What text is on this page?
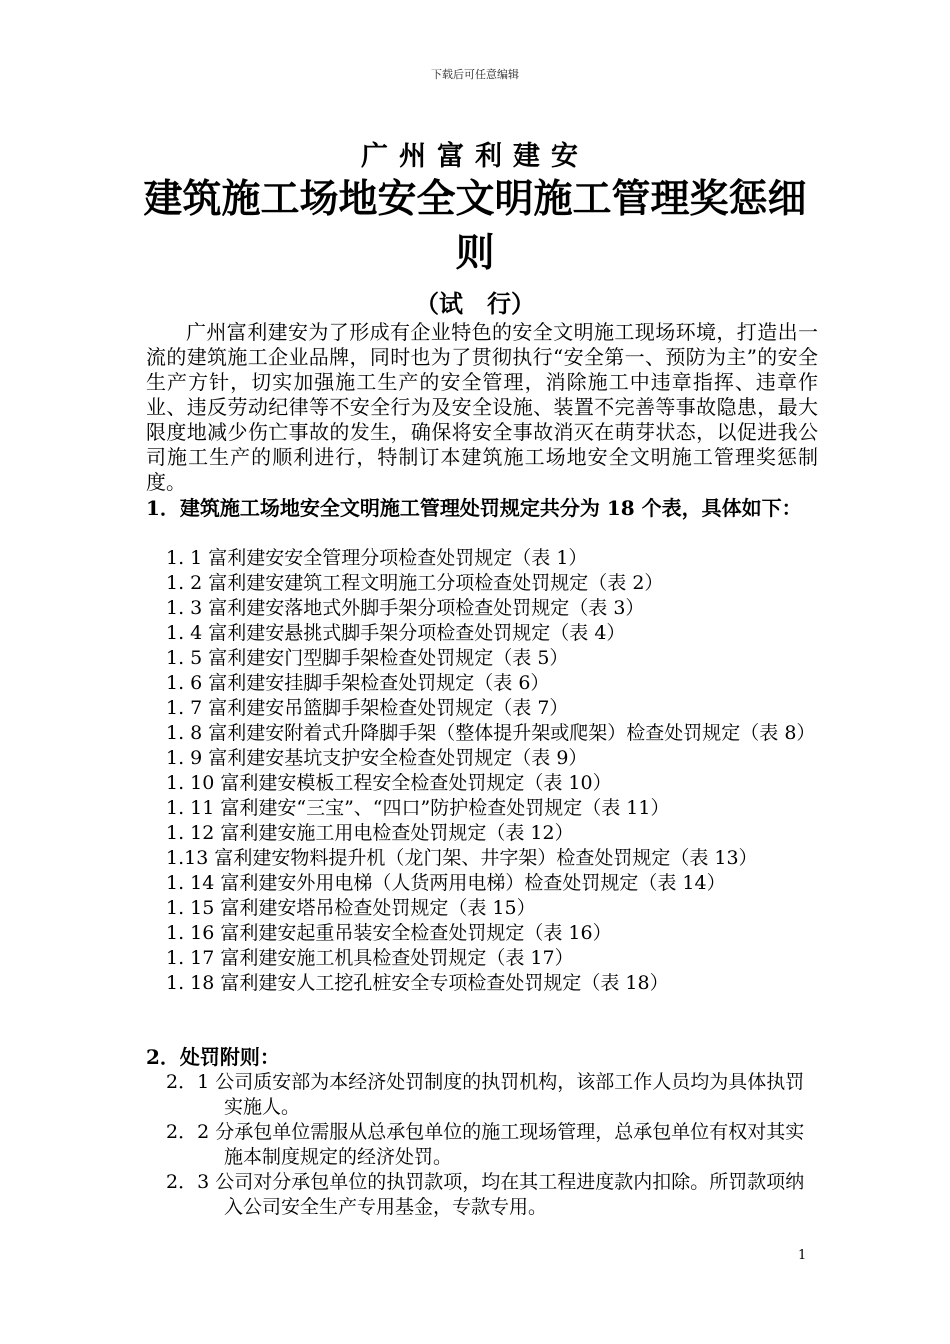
下载后可任意编辑
广州富利建安
建筑施工场地安全文明施工管理奖惩细则
（试　行）

广州富利建安为了形成有企业特色的安全文明施工现场环境，打造出一流的建筑施工企业品牌，同时也为了贯彻执行“安全第一、预防为主”的安全生产方针，切实加强施工生产的安全管理，消除施工中违章指挥、违章作业、违反劳动纪律等不安全行为及安全设施、装置不完善等事故隐患，最大限度地减少伤亡事故的发生，确保将安全事故消灭在萌芽状态，以促进我公司施工生产的顺利进行，特制订本建筑施工场地安全文明施工管理奖惩制度。

1．建筑施工场地安全文明施工管理处罚规定共分为 18 个表，具体如下：

1. 1 富利建安安全管理分项检查处罚规定（表 1）
1. 2 富利建安建筑工程文明施工分项检查处罚规定（表 2）
1. 3 富利建安落地式外脚手架分项检查处罚规定（表 3）
1. 4 富利建安悬挑式脚手架分项检查处罚规定（表 4）
1. 5 富利建安门型脚手架检查处罚规定（表 5）
1. 6 富利建安挂脚手架检查处罚规定（表 6）
1. 7 富利建安吊篮脚手架检查处罚规定（表 7）
1. 8 富利建安附着式升降脚手架（整体提升架或爬架）检查处罚规定（表 8）
1. 9 富利建安基坑支护安全检查处罚规定（表 9）
1. 10 富利建安模板工程安全检查处罚规定（表 10）
1. 11 富利建安“三宝”、“四口”防护检查处罚规定（表 11）
1. 12 富利建安施工用电检查处罚规定（表 12）
1.13 富利建安物料提升机（龙门架、井字架）检查处罚规定（表 13）
1. 14 富利建安外用电梯（人货两用电梯）检查处罚规定（表 14）
1. 15 富利建安塔吊检查处罚规定（表 15）
1. 16 富利建安起重吊装安全检查处罚规定（表 16）
1. 17 富利建安施工机具检查处罚规定（表 17）
1. 18 富利建安人工挖孔桩安全专项检查处罚规定（表 18）

2．处罚附则：

2．1 公司质安部为本经济处罚制度的执罚机构，该部工作人员均为具体执罚实施人。
2．2 分承包单位需服从总承包单位的施工现场管理，总承包单位有权对其实施本制度规定的经济处罚。
2．3 公司对分承包单位的执罚款项，均在其工程进度款内扣除。所罚款项纳入公司安全生产专用基金，专款专用。
1
